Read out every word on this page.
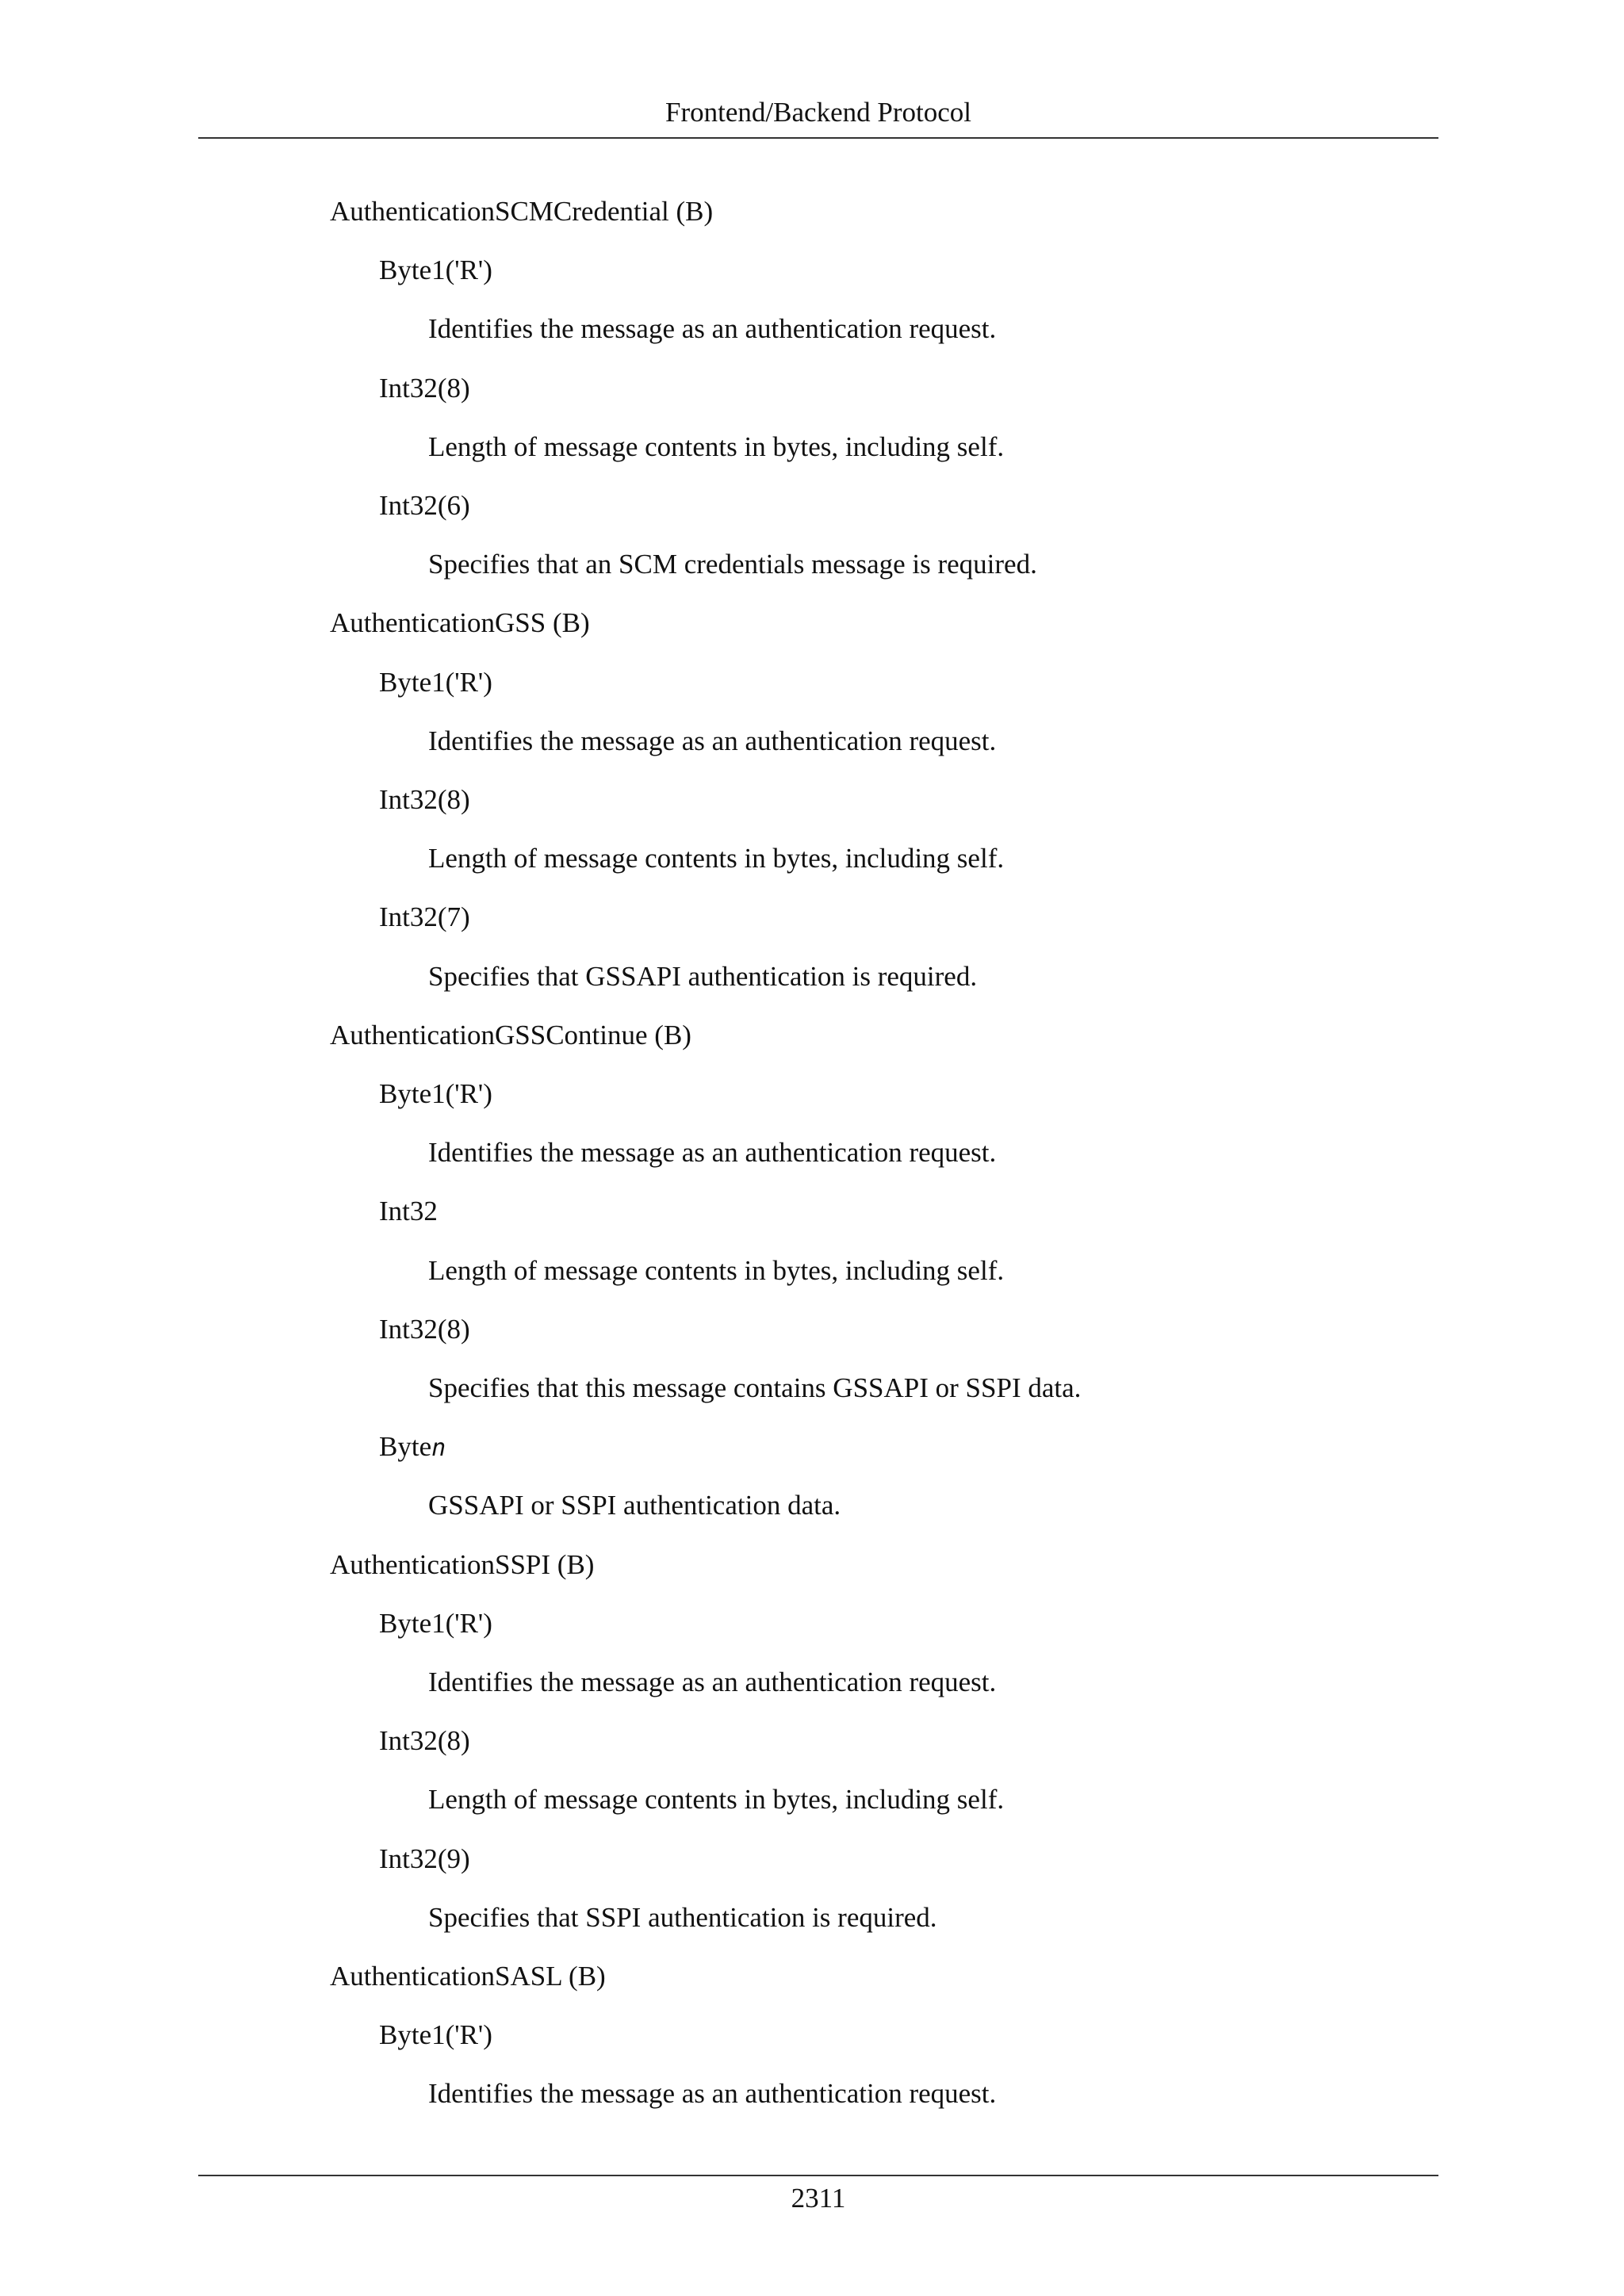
Frontend/Backend Protocol
AuthenticationSCMCredential (B)
Byte1('R')
Identifies the message as an authentication request.
Int32(8)
Length of message contents in bytes, including self.
Int32(6)
Specifies that an SCM credentials message is required.
AuthenticationGSS (B)
Byte1('R')
Identifies the message as an authentication request.
Int32(8)
Length of message contents in bytes, including self.
Int32(7)
Specifies that GSSAPI authentication is required.
AuthenticationGSSContinue (B)
Byte1('R')
Identifies the message as an authentication request.
Int32
Length of message contents in bytes, including self.
Int32(8)
Specifies that this message contains GSSAPI or SSPI data.
Byten
GSSAPI or SSPI authentication data.
AuthenticationSSPI (B)
Byte1('R')
Identifies the message as an authentication request.
Int32(8)
Length of message contents in bytes, including self.
Int32(9)
Specifies that SSPI authentication is required.
AuthenticationSASL (B)
Byte1('R')
Identifies the message as an authentication request.
2311
